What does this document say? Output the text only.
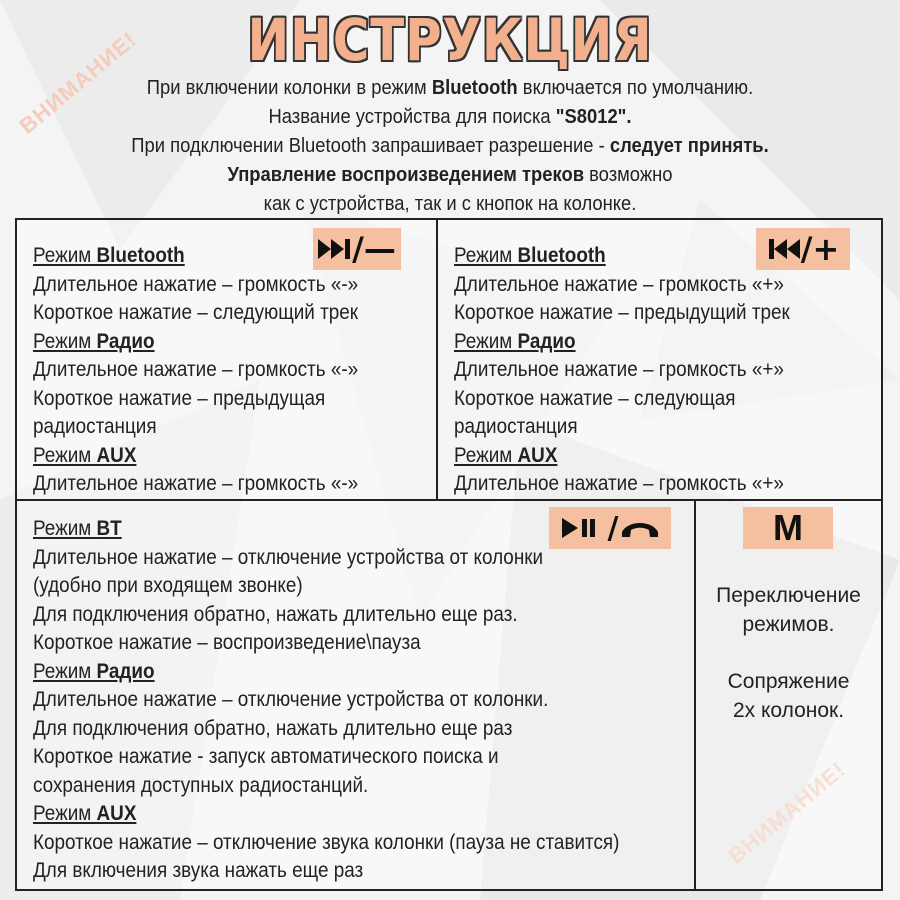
ВНИМАНИЕ!
ВНИМАНИЕ!
ИНСТРУКЦИЯ
При включении колонки в режим Bluetooth включается по умолчанию.
Название устройства для поиска "S8012".
При подключении Bluetooth запрашивает разрешение - следует принять.
Управление воспроизведением треков возможно
как с устройства, так и с кнопок на колонке.
/—
Режим Bluetooth
Длительное нажатие – громкость «-»
Короткое нажатие – следующий трек
Режим Радио
Длительное нажатие – громкость «-»
Короткое нажатие – предыдущая
радиостанция
Режим AUX
Длительное нажатие – громкость «-»
/+
Режим Bluetooth
Длительное нажатие – громкость «+»
Короткое нажатие – предыдущий трек
Режим Радио
Длительное нажатие – громкость «+»
Короткое нажатие – следующая
радиостанция
Режим AUX
Длительное нажатие – громкость «+»
/
Режим BT
Длительное нажатие – отключение устройства от колонки
(удобно при входящем звонке)
Для подключения обратно, нажать длительно еще раз.
Короткое нажатие – воспроизведение\пауза
Режим Радио
Длительное нажатие – отключение устройства от колонки.
Для подключения обратно, нажать длительно еще раз
Короткое нажатие - запуск автоматического поиска и
сохранения доступных радиостанций.
Режим AUX
Короткое нажатие – отключение звука колонки (пауза не ставится)
Для включения звука нажать еще раз
M
Переключение
режимов.
Сопряжение
2х колонок.
